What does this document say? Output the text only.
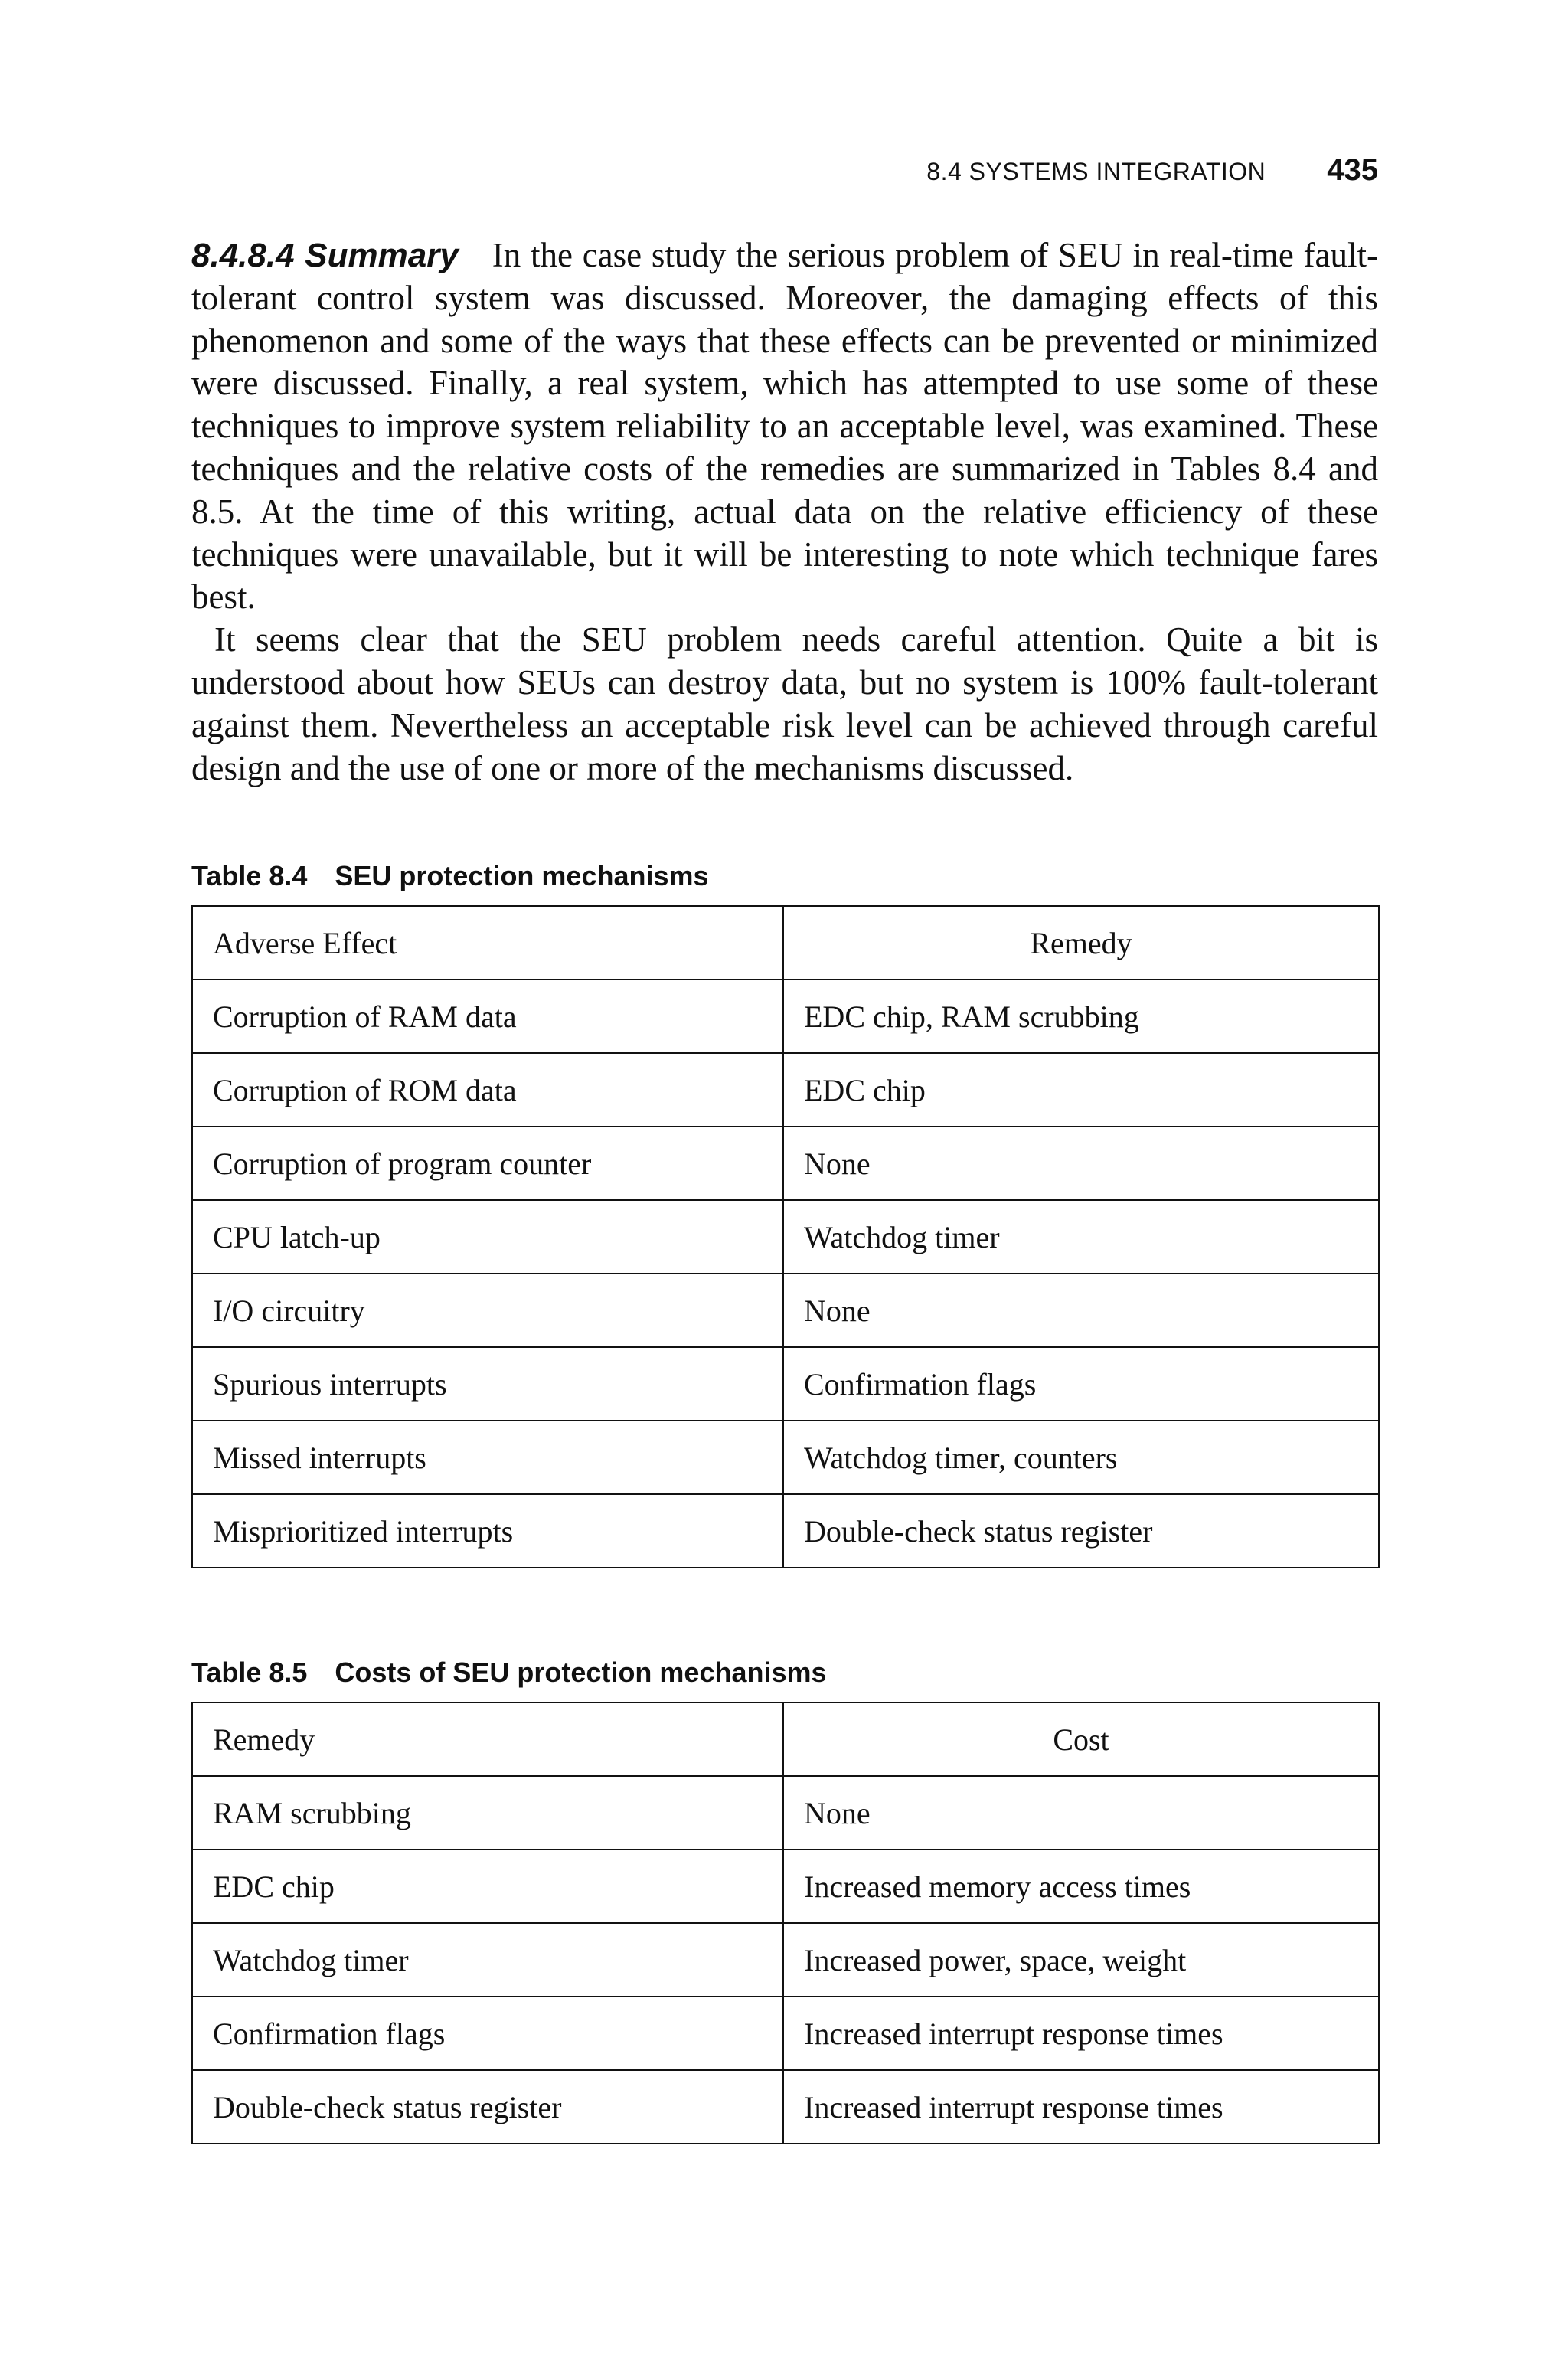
8.4 SYSTEMS INTEGRATION 435

8.4.8.4 Summary In the case study the serious problem of SEU in real-time fault-tolerant control system was discussed. Moreover, the damaging effects of this phenomenon and some of the ways that these effects can be prevented or minimized were discussed. Finally, a real system, which has attempted to use some of these techniques to improve system reliability to an acceptable level, was examined. These techniques and the relative costs of the remedies are summarized in Tables 8.4 and 8.5. At the time of this writing, actual data on the relative efficiency of these techniques were unavailable, but it will be interesting to note which technique fares best.

It seems clear that the SEU problem needs careful attention. Quite a bit is understood about how SEUs can destroy data, but no system is 100% fault-tolerant against them. Nevertheless an acceptable risk level can be achieved through careful design and the use of one or more of the mechanisms discussed.

Table 8.4 SEU protection mechanisms
Adverse Effect	Remedy
Corruption of RAM data	EDC chip, RAM scrubbing
Corruption of ROM data	EDC chip
Corruption of program counter	None
CPU latch-up	Watchdog timer
I/O circuitry	None
Spurious interrupts	Confirmation flags
Missed interrupts	Watchdog timer, counters
Misprioritized interrupts	Double-check status register
Table 8.5 Costs of SEU protection mechanisms
Remedy	Cost
RAM scrubbing	None
EDC chip	Increased memory access times
Watchdog timer	Increased power, space, weight
Confirmation flags	Increased interrupt response times
Double-check status register	Increased interrupt response times
